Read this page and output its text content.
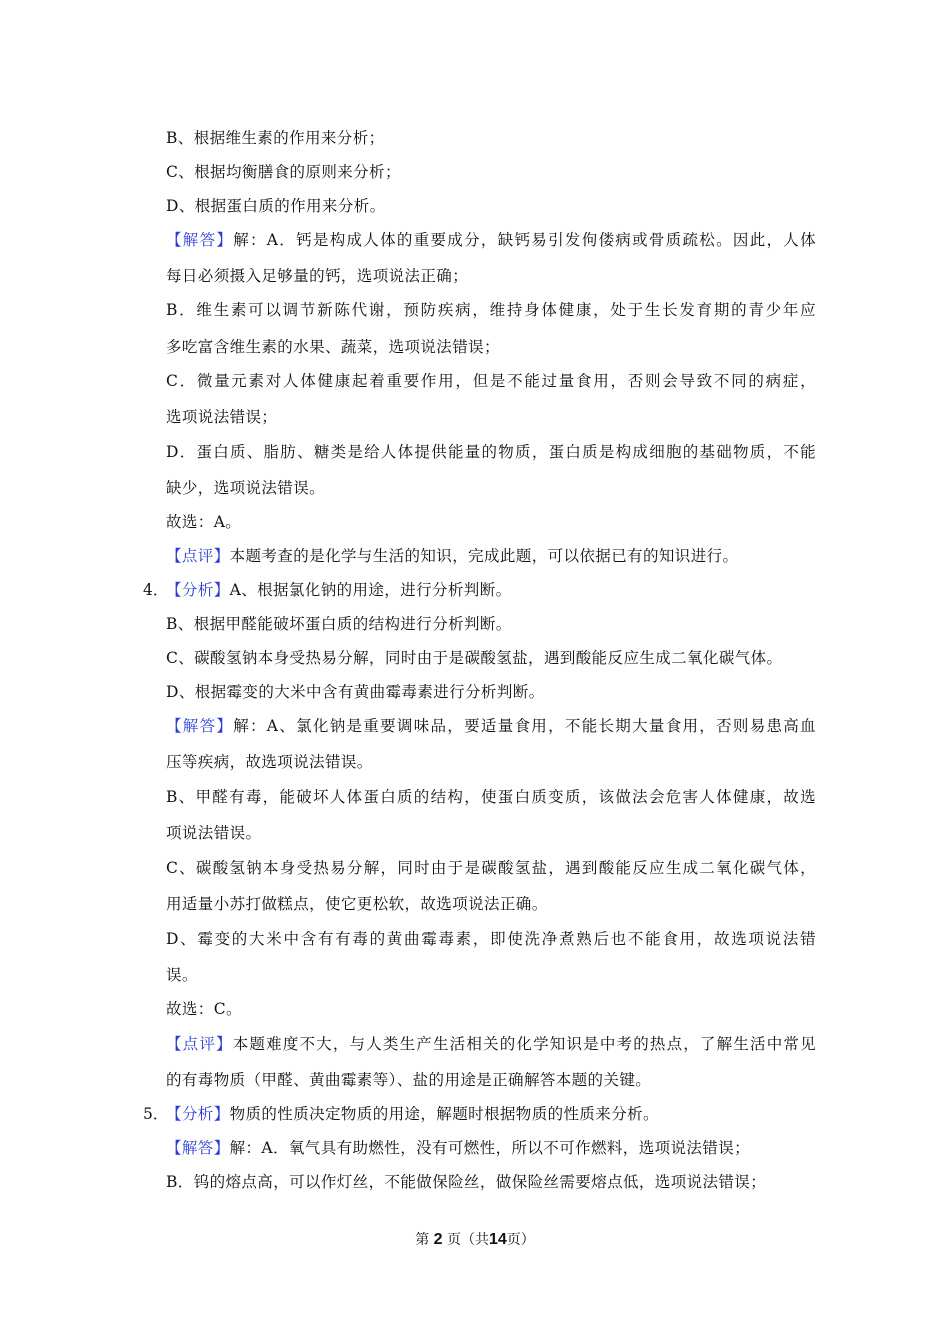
B、根据维生素的作用来分析；
C、根据均衡膳食的原则来分析；
D、根据蛋白质的作用来分析。
【解答】解：A．钙是构成人体的重要成分，缺钙易引发佝偻病或骨质疏松。因此，人体
每日必须摄入足够量的钙，选项说法正确；
B．维生素可以调节新陈代谢，预防疾病，维持身体健康，处于生长发育期的青少年应
多吃富含维生素的水果、蔬菜，选项说法错误；
C．微量元素对人体健康起着重要作用，但是不能过量食用，否则会导致不同的病症，
选项说法错误；
D．蛋白质、脂肪、糖类是给人体提供能量的物质，蛋白质是构成细胞的基础物质，不能
缺少，选项说法错误。
故选：A。
【点评】本题考查的是化学与生活的知识，完成此题，可以依据已有的知识进行。
4．
【分析】A、根据氯化钠的用途，进行分析判断。
B、根据甲醛能破坏蛋白质的结构进行分析判断。
C、碳酸氢钠本身受热易分解，同时由于是碳酸氢盐，遇到酸能反应生成二氧化碳气体。
D、根据霉变的大米中含有黄曲霉毒素进行分析判断。
【解答】解：A、氯化钠是重要调味品，要适量食用，不能长期大量食用，否则易患高血
压等疾病，故选项说法错误。
B、甲醛有毒，能破坏人体蛋白质的结构，使蛋白质变质，该做法会危害人体健康，故选
项说法错误。
C、碳酸氢钠本身受热易分解，同时由于是碳酸氢盐，遇到酸能反应生成二氧化碳气体，
用适量小苏打做糕点，使它更松软，故选项说法正确。
D、霉变的大米中含有有毒的黄曲霉毒素，即使洗净煮熟后也不能食用，故选项说法错
误。
故选：C。
【点评】本题难度不大，与人类生产生活相关的化学知识是中考的热点，了解生活中常见
的有毒物质（甲醛、黄曲霉素等）、盐的用途是正确解答本题的关键。
5．
【分析】物质的性质决定物质的用途，解题时根据物质的性质来分析。
【解答】解：A．氧气具有助燃性，没有可燃性，所以不可作燃料，选项说法错误；
B．钨的熔点高，可以作灯丝，不能做保险丝，做保险丝需要熔点低，选项说法错误；
第 2 页（共14页）
